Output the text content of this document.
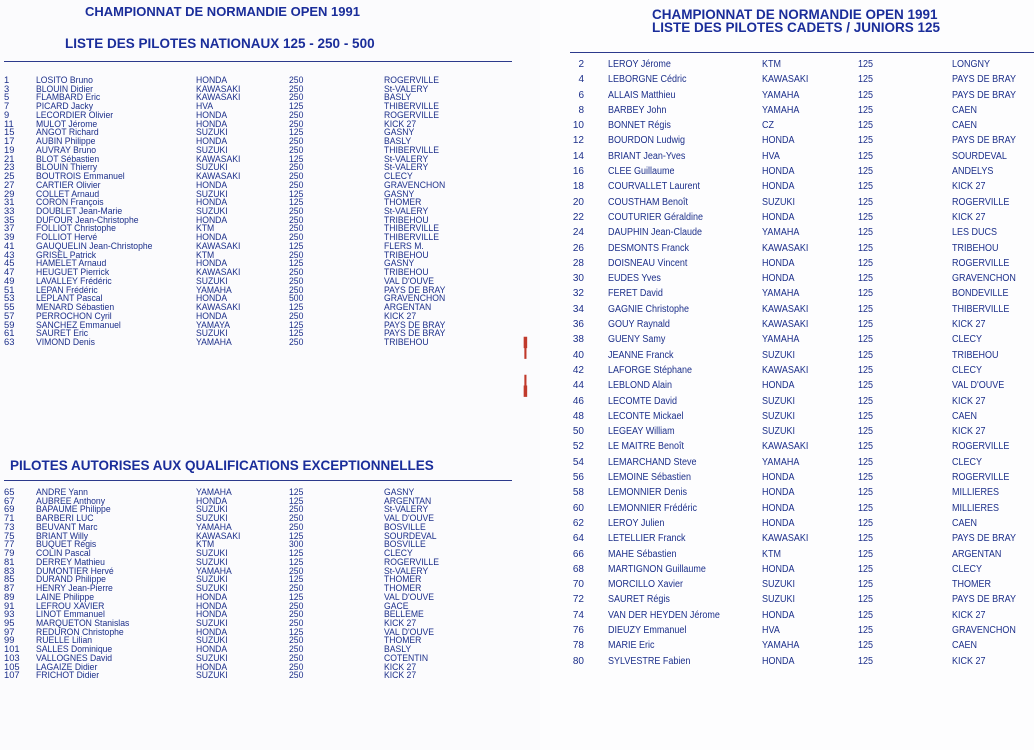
CHAMPIONNAT DE NORMANDIE OPEN 1991
LISTE DES PILOTES NATIONAUX 125 - 250 - 500
1	LOSITO Bruno	HONDA	250	ROGERVILLE
3	BLOUIN Didier	KAWASAKI	250	St-VALERY
5	FLAMBARD Eric	KAWASAKI	250	BASLY
7	PICARD Jacky	HVA	125	THIBERVILLE
9	LECORDIER Olivier	HONDA	250	ROGERVILLE
11 MULOT Jérome	HONDA	250	KICK 27
15 ANGOT Richard	SUZUKI	125	GASNY
17 AUBIN Philippe	HONDA	250	BASLY
19 AUVRAY Bruno	SUZUKI	250	THIBERVILLE
21 BLOT Sébastien	KAWASAKI	125	St-VALERY
23 BLOUIN Thierry	SUZUKI	250	St-VALERY
25 BOUTROIS Emmanuel	KAWASAKI	250	CLECY
27 CARTIER Olivier	HONDA	250	GRAVENCHON
29 COLLET Arnaud	SUZUKI	125	GASNY
31 CORON François	HONDA	125	THOMER
33 DOUBLET Jean-Marie	SUZUKI	250	St-VALERY
35 DUFOUR Jean-Christophe	HONDA	250	TRIBEHOU
37 FOLLIOT Christophe	KTM	250	THIBERVILLE
39 FOLLIOT Hervé	HONDA	250	THIBERVILLE
41 GAUQUELIN Jean-Christophe	KAWASAKI	125	FLERS M.
43 GRISEL Patrick	KTM	250	TRIBEHOU
45 HAMELET Arnaud	HONDA	125	GASNY
47 HEUGUET Pierrick	KAWASAKI	250	TRIBEHOU
49 LAVALLEY Frédéric	SUZUKI	250	VAL D'OUVE
51 LEPAN Frédéric	YAMAHA	250	PAYS DE BRAY
53 LEPLANT Pascal	HONDA	500	GRAVENCHON
55 MENARD Sébastien	KAWASAKI	125	ARGENTAN
57 PERROCHON Cyril	HONDA	250	KICK 27
59 SANCHEZ Emmanuel	YAMAYA	125	PAYS DE BRAY
61 SAURET Eric	SUZUKI	125	PAYS DE BRAY
63 VIMOND Denis	YAMAHA	250	TRIBEHOU
PILOTES AUTORISES AUX QUALIFICATIONS EXCEPTIONNELLES
65 ANDRE Yann	YAMAHA	125	GASNY
67 AUBREE Anthony	HONDA	125	ARGENTAN
69 BAPAUME Philippe	SUZUKI	250	St-VALERY
71 BARBERI LUC	SUZUKI	250	VAL D'OUVE
73 BEUVANT Marc	YAMAHA	250	BOSVILLE
75 BRIANT Willy	KAWASAKI	125	SOURDEVAL
77 BUQUET Régis	KTM	300	BOSVILLE
79 COLIN Pascal	SUZUKI	125	CLECY
81 DERREY Mathieu	SUZUKI	125	ROGERVILLE
83 DUMONTIER Hervé	YAMAHA	250	St-VALERY
85 DURAND Philippe	SUZUKI	125	THOMER
87 HENRY Jean-Pierre	SUZUKI	250	THOMER
89 LAINE Philippe	HONDA	125	VAL D'OUVE
91 LEFROU XAVIER	HONDA	250	GACE
93 LINOT Emmanuel	HONDA	250	BELLEME
95 MARQUETON Stanislas	SUZUKI	250	KICK 27
97 REDURON Christophe	HONDA	125	VAL D'OUVE
99 RUELLE Lilian	SUZUKI	250	THOMER
101 SALLES Dominique	HONDA	250	BASLY
103 VALLOGNES David	SUZUKI	250	COTENTIN
105 LAGAIZE Didier	HONDA	250	KICK 27
107 FRICHOT Didier	SUZUKI	250	KICK 27
CHAMPIONNAT DE NORMANDIE OPEN 1991
LISTE DES PILOTES CADETS / JUNIORS 125
2 LEROY Jérome	KTM	125	LONGNY
4 LEBORGNE Cédric	KAWASAKI	125	PAYS DE BRAY
6 ALLAIS Matthieu	YAMAHA	125	PAYS DE BRAY
8 BARBEY John	YAMAHA	125	CAEN
10 BONNET Régis	CZ	125	CAEN
12 BOURDON Ludwig	HONDA	125	PAYS DE BRAY
14 BRIANT Jean-Yves	HVA	125	SOURDEVAL
16 CLEE Guillaume	HONDA	125	ANDELYS
18 COURVALLET Laurent	HONDA	125	KICK 27
20 COUSTHAM Benoît	SUZUKI	125	ROGERVILLE
22 COUTURIER Géraldine	HONDA	125	KICK 27
24 DAUPHIN Jean-Claude	YAMAHA	125	LES DUCS
26 DESMONTS Franck	KAWASAKI	125	TRIBEHOU
28 DOISNEAU Vincent	HONDA	125	ROGERVILLE
30 EUDES Yves	HONDA	125	GRAVENCHON
32 FERET David	YAMAHA	125	BONDEVILLE
34 GAGNIE Christophe	KAWASAKI	125	THIBERVILLE
36 GOUY Raynald	KAWASAKI	125	KICK 27
38 GUENY Samy	YAMAHA	125	CLECY
40 JEANNE Franck	SUZUKI	125	TRIBEHOU
42 LAFORGE Stéphane	KAWASAKI	125	CLECY
44 LEBLOND Alain	HONDA	125	VAL D'OUVE
46 LECOMTE David	SUZUKI	125	KICK 27
48 LECONTE Mickael	SUZUKI	125	CAEN
50 LEGEAY William	SUZUKI	125	KICK 27
52 LE MAITRE Benoît	KAWASAKI	125	ROGERVILLE
54 LEMARCHAND Steve	YAMAHA	125	CLECY
56 LEMOINE Sébastien	HONDA	125	ROGERVILLE
58 LEMONNIER Denis	HONDA	125	MILLIERES
60 LEMONNIER Frédéric	HONDA	125	MILLIERES
62 LEROY Julien	HONDA	125	CAEN
64 LETELLIER Franck	KAWASAKI	125	PAYS DE BRAY
66 MAHE Sébastien	KTM	125	ARGENTAN
68 MARTIGNON Guillaume	HONDA	125	CLECY
70 MORCILLO Xavier	SUZUKI	125	THOMER
72 SAURET Régis	SUZUKI	125	PAYS DE BRAY
74 VAN DER HEYDEN Jérome	HONDA	125	KICK 27
76 DIEUZY Emmanuel	HVA	125	GRAVENCHON
78 MARIE Eric	YAMAHA	125	CAEN
80 SYLVESTRE Fabien	HONDA	125	KICK 27
╿
╽
